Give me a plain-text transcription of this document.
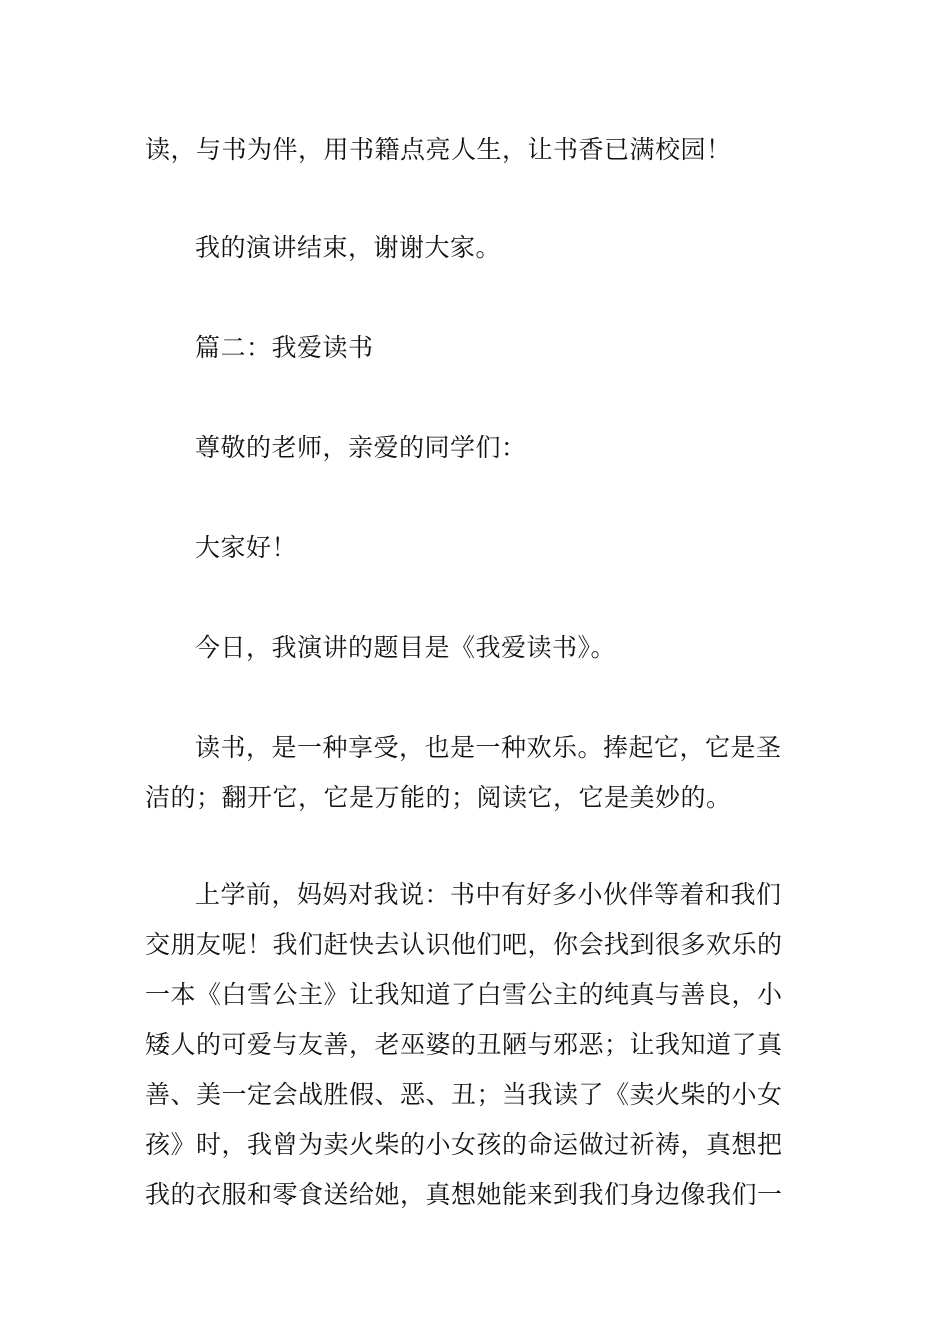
读，与书为伴，用书籍点亮人生，让书香已满校园！
我的演讲结束，谢谢大家。
篇二：我爱读书
尊敬的老师，亲爱的同学们：
大家好！
今日，我演讲的题目是《我爱读书》。
读书，是一种享受，也是一种欢乐。捧起它，它是圣
洁的；翻开它，它是万能的；阅读它，它是美妙的。
上学前，妈妈对我说：书中有好多小伙伴等着和我们
交朋友呢！我们赶快去认识他们吧，你会找到很多欢乐的
一本《白雪公主》让我知道了白雪公主的纯真与善良，小
矮人的可爱与友善，老巫婆的丑陋与邪恶；让我知道了真
善、美一定会战胜假、恶、丑；当我读了《卖火柴的小女
孩》时，我曾为卖火柴的小女孩的命运做过祈祷，真想把
我的衣服和零食送给她，真想她能来到我们身边像我们一
